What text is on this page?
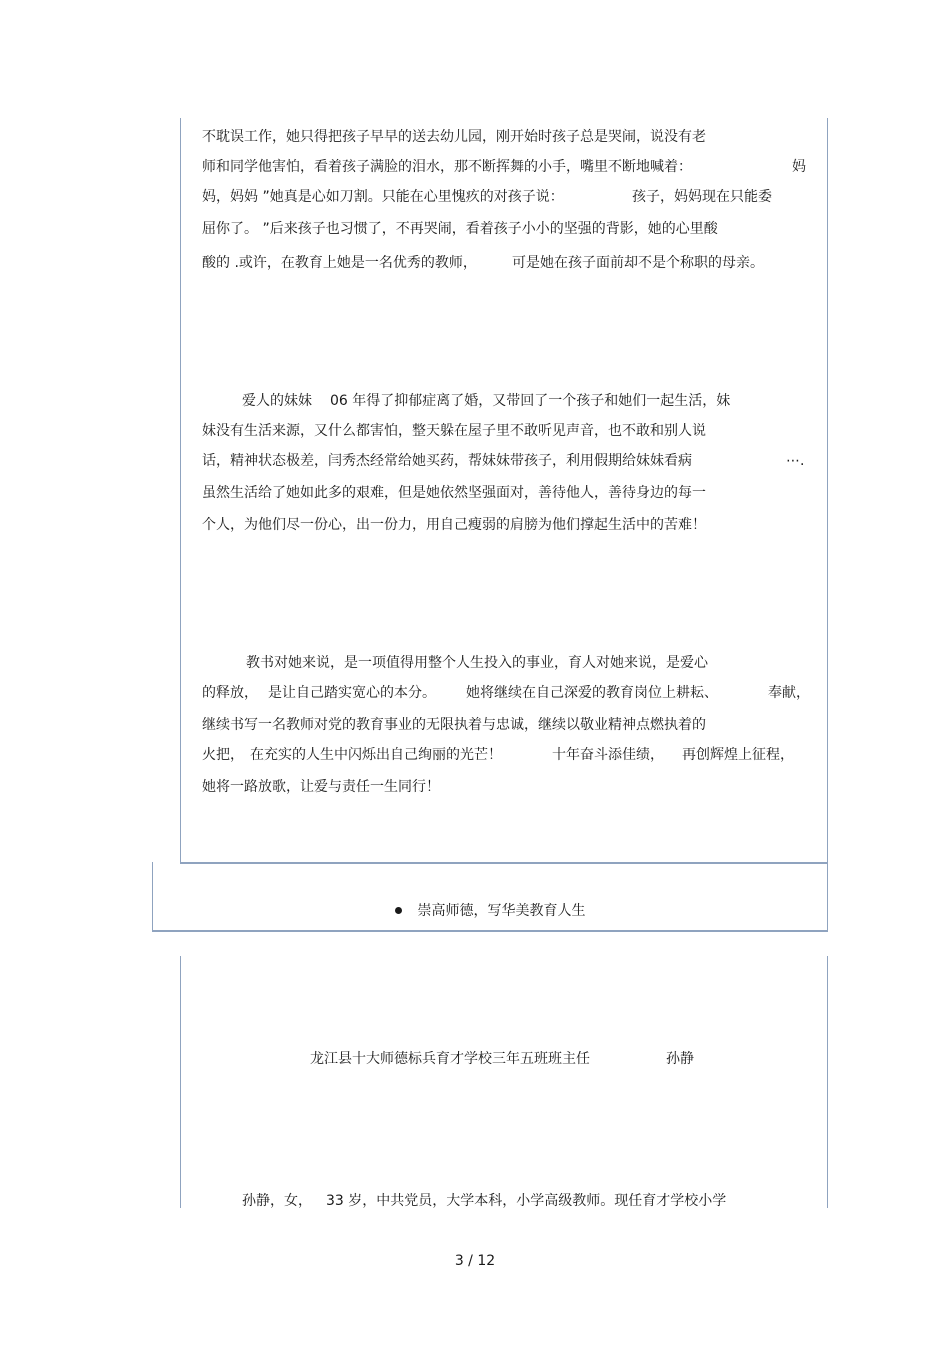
崇高师德，写华美教育人生
不耽误工作，她只得把孩子早早的送去幼儿园，刚开始时孩子总是哭闹，说没有老
师和同学他害怕，看着孩子满脸的泪水，那不断挥舞的小手，嘴里不断地喊着：	妈
妈，妈妈 ”她真是心如刀割。只能在心里愧疚的对孩子说：	孩子，妈妈现在只能委
屈你了。 ”后来孩子也习惯了，不再哭闹，看着孩子小小的坚强的背影，她的心里酸
酸的 .或许，在教育上她是一名优秀的教师，	可是她在孩子面前却不是个称职的母亲。
爱人的妹妹 06 年得了抑郁症离了婚，又带回了一个孩子和她们一起生活，妹
妹没有生活来源，又什么都害怕，整天躲在屋子里不敢听见声音，也不敢和别人说
话，精神状态极差，闫秀杰经常给她买药，帮妹妹带孩子，利用假期给妹妹看病	⋯.
虽然生活给了她如此多的艰难，但是她依然坚强面对，善待他人，善待身边的每一
个人，为他们尽一份心，出一份力，用自己瘦弱的肩膀为他们撑起生活中的苦难！
教书对她来说，是一项值得用整个人生投入的事业，育人对她来说，是爱心
的释放， 是让自己踏实宽心的本分。 她将继续在自己深爱的教育岗位上耕耘、	奉献，
继续书写一名教师对党的教育事业的无限执着与忠诚，继续以敬业精神点燃执着的
火把， 在充实的人生中闪烁出自己绚丽的光芒！	十年奋斗添佳绩， 再创辉煌上征程，
她将一路放歌，让爱与责任一生同行！
龙江县十大师德标兵育才学校三年五班班主任	孙静
孙静，女， 33 岁，中共党员，大学本科，小学高级教师。现任育才学校小学
3 / 12
